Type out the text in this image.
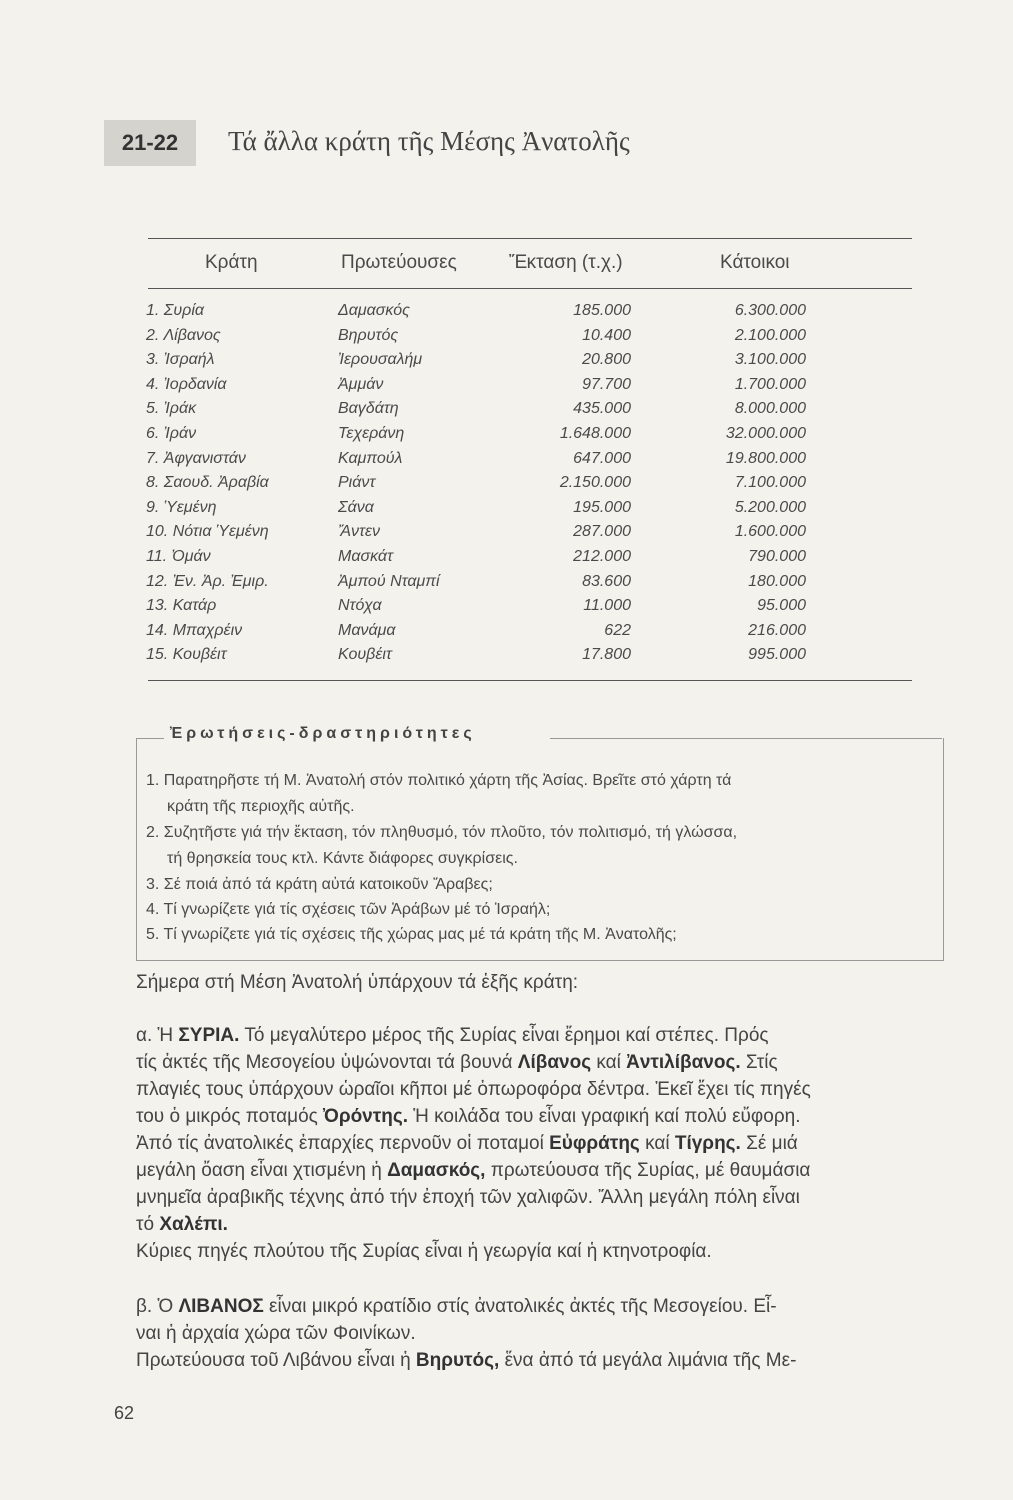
21-22	Τά ἄλλα κράτη τῆς Μέσης Ἀνατολῆς
Κράτη	Πρωτεύουσες	Ἔκταση (τ.χ.)	Κάτοικοι
1. Συρία	Δαμασκός	185.000	6.300.000
2. Λίβανος	Βηρυτός	10.400	2.100.000
3. Ἰσραήλ	Ἰερουσαλήμ	20.800	3.100.000
4. Ἰορδανία	Ἀμμάν	97.700	1.700.000
5. Ἰράκ	Βαγδάτη	435.000	8.000.000
6. Ἰράν	Τεχεράνη	1.648.000	32.000.000
7. Ἀφγανιστάν	Καμπούλ	647.000	19.800.000
8. Σαουδ. Ἀραβία	Ριάντ	2.150.000	7.100.000
9. Ὑεμένη	Σάνα	195.000	5.200.000
10. Νότια Ὑεμένη	Ἄντεν	287.000	1.600.000
11. Ὀμάν	Μασκάτ	212.000	790.000
12. Ἐν. Ἀρ. Ἐμιρ.	Ἀμπού Νταμπί	83.600	180.000
13. Κατάρ	Ντόχα	11.000	95.000
14. Μπαχρέιν	Μανάμα	622	216.000
15. Κουβέιτ	Κουβέιτ	17.800	995.000
Ἐρωτήσεις-δραστηριότητες
1. Παρατηρῆστε τή Μ. Ἀνατολή στόν πολιτικό χάρτη τῆς Ἀσίας. Βρεῖτε στό χάρτη τά
κράτη τῆς περιοχῆς αὐτῆς.
2. Συζητῆστε γιά τήν ἔκταση, τόν πληθυσμό, τόν πλοῦτο, τόν πολιτισμό, τή γλώσσα,
τή θρησκεία τους κτλ. Κάντε διάφορες συγκρίσεις.
3. Σέ ποιά ἀπό τά κράτη αὐτά κατοικοῦν Ἄραβες;
4. Τί γνωρίζετε γιά τίς σχέσεις τῶν Ἀράβων μέ τό Ἰσραήλ;
5. Τί γνωρίζετε γιά τίς σχέσεις τῆς χώρας μας μέ τά κράτη τῆς Μ. Ἀνατολῆς;
Σήμερα στή Μέση Ἀνατολή ὑπάρχουν τά ἑξῆς κράτη:
α. Ἡ ΣΥΡΙΑ. Τό μεγαλύτερο μέρος τῆς Συρίας εἶναι ἔρημοι καί στέπες. Πρός
τίς ἀκτές τῆς Μεσογείου ὑψώνονται τά βουνά Λίβανος καί Ἀντιλίβανος. Στίς
πλαγιές τους ὑπάρχουν ὡραῖοι κῆποι μέ ὀπωροφόρα δέντρα. Ἐκεῖ ἔχει τίς πηγές
του ὁ μικρός ποταμός Ὀρόντης. Ἡ κοιλάδα του εἶναι γραφική καί πολύ εὔφορη.
Ἀπό τίς ἀνατολικές ἐπαρχίες περνοῦν οἱ ποταμοί Εὐφράτης καί Τίγρης. Σέ μιά
μεγάλη ὄαση εἶναι χτισμένη ἡ Δαμασκός, πρωτεύουσα τῆς Συρίας, μέ θαυμάσια
μνημεῖα ἀραβικῆς τέχνης ἀπό τήν ἐποχή τῶν χαλιφῶν. Ἄλλη μεγάλη πόλη εἶναι
τό Χαλέπι.
Κύριες πηγές πλούτου τῆς Συρίας εἶναι ἡ γεωργία καί ἡ κτηνοτροφία.
β. Ὁ ΛΙΒΑΝΟΣ εἶναι μικρό κρατίδιο στίς ἀνατολικές ἀκτές τῆς Μεσογείου. Εἶ-
ναι ἡ ἀρχαία χώρα τῶν Φοινίκων.
Πρωτεύουσα τοῦ Λιβάνου εἶναι ἡ Βηρυτός, ἕνα ἀπό τά μεγάλα λιμάνια τῆς Με-
62
